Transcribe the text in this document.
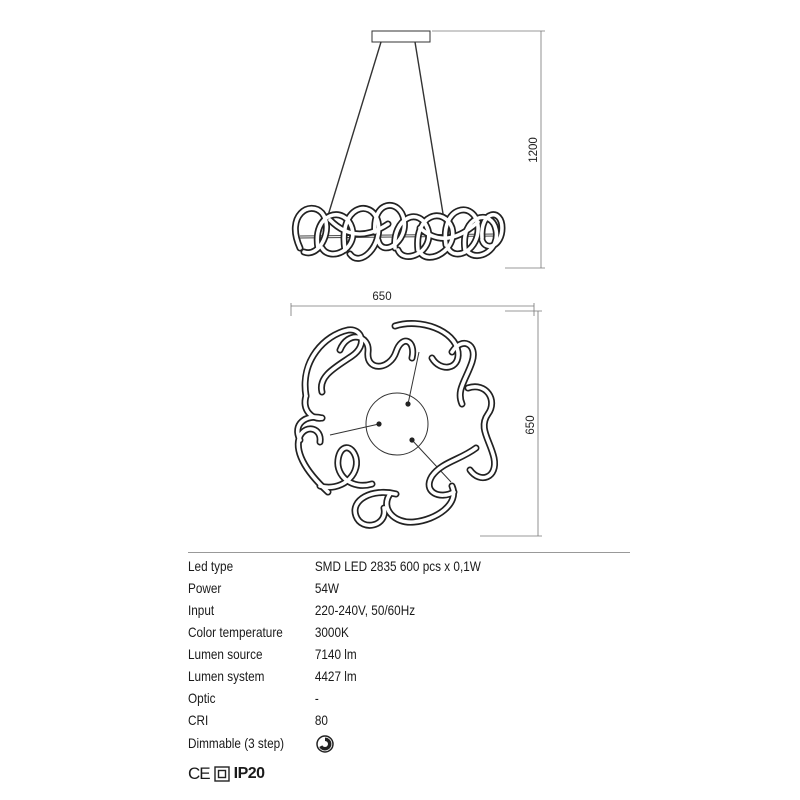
1200
650
650
Led type	SMD LED 2835 600 pcs x 0,1W
Power	54W
Input	220-240V, 50/60Hz
Color temperature 3000K
Lumen source	7140 lm
Lumen system	4427 lm
Optic	-
CRI	80
Dimmable (3 step)
CE IP20
